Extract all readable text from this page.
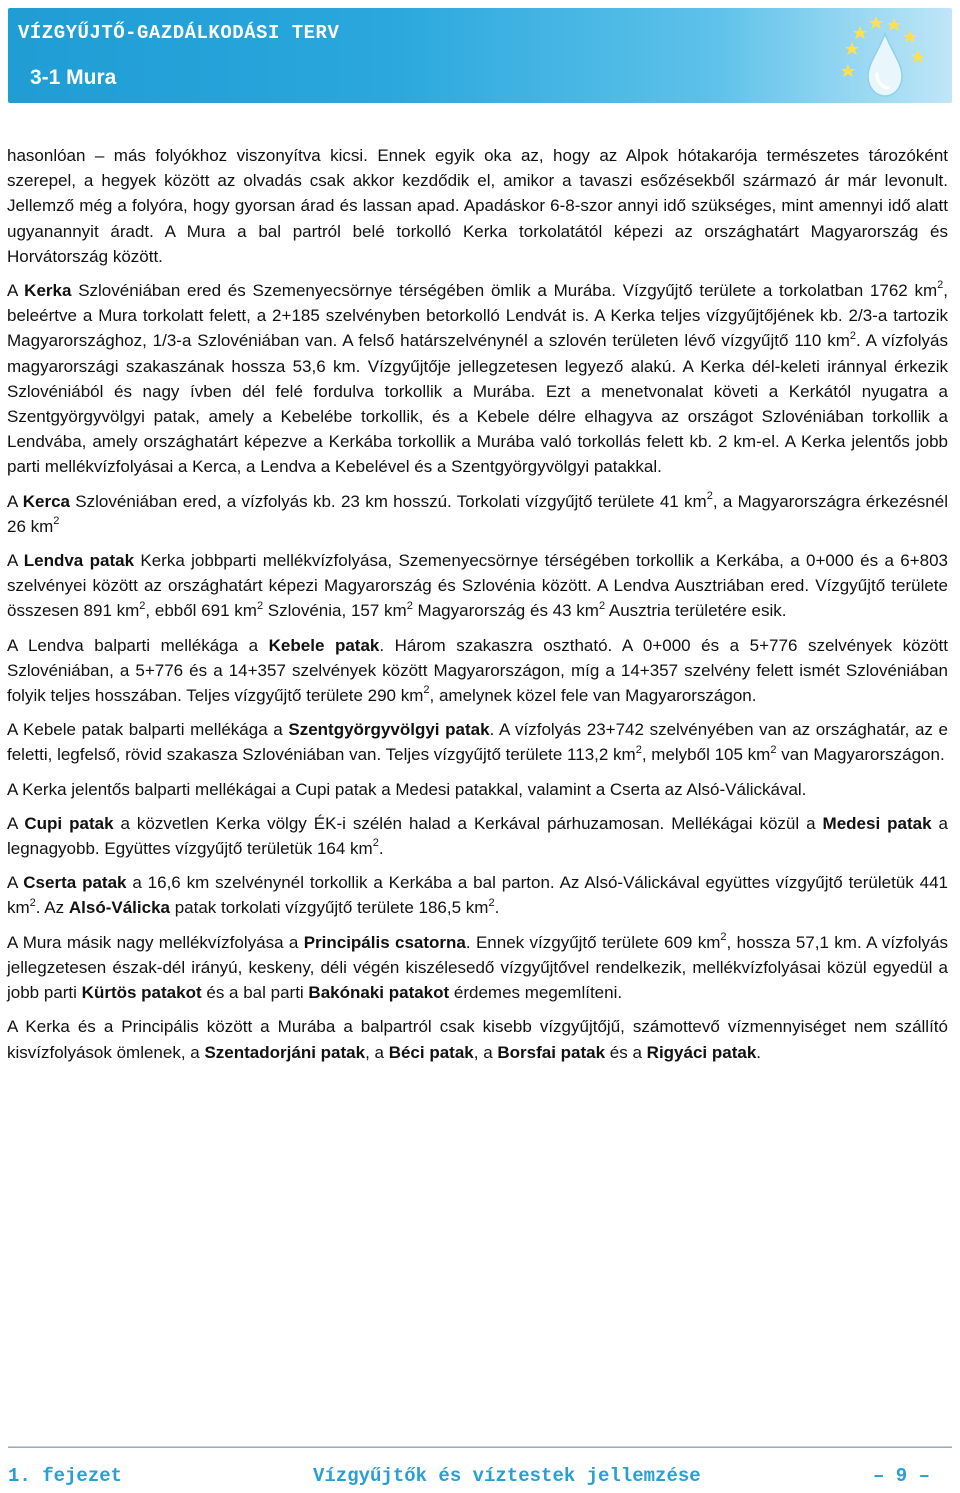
VÍZGYŰJTŐ-GAZDÁLKODÁSI TERV
3-1 Mura

hasonlóan – más folyókhoz viszonyítva kicsi. Ennek egyik oka az, hogy az Alpok hótakarója természetes tározóként szerepel, a hegyek között az olvadás csak akkor kezdődik el, amikor a tavaszi esőzésekből származó ár már levonult. Jellemző még a folyóra, hogy gyorsan árad és lassan apad. Apadáskor 6-8-szor annyi idő szükséges, mint amennyi idő alatt ugyanannyit áradt. A Mura a bal partról belé torkolló Kerka torkolatától képezi az országhatárt Magyarország és Horvátország között.

A Kerka Szlovéniában ered és Szemenyecsörnye térségében ömlik a Murába. Vízgyűjtő területe a torkolatban 1762 $km^2$, beleértve a Mura torkolatt felett, a 2+185 szelvényben betorkolló Lendvát is. A Kerka teljes vízgyűjtőjének kb. 2/3-a tartozik Magyarországhoz, 1/3-a Szlovéniában van. A felső határszelvénynél a szlovén területen lévő vízgyűjtő 110 $km^2$. A vízfolyás magyarországi szakaszának hossza 53,6 km. Vízgyűjtője jellegzetesen legyező alakú. A Kerka dél-keleti iránnyal érkezik Szlovéniából és nagy ívben dél felé fordulva torkollik a Murába. Ezt a menetvonalat követi a Kerkától nyugatra a Szentgyörgyvölgyi patak, amely a Kebelébe torkollik, és a Kebele délre elhagyva az országot Szlovéniában torkollik a Lendvába, amely országhatárt képezve a Kerkába torkollik a Murába való torkollás felett kb. 2 km-el. A Kerka jelentős jobb parti mellékvízfolyásai a Kerca, a Lendva a Kebelével és a Szentgyörgyvölgyi patakkal.

A Kerca Szlovéniában ered, a vízfolyás kb. 23 km hosszú. Torkolati vízgyűjtő területe 41 $km^2$, a Magyarországra érkezésnél 26 $km^2$

A Lendva patak Kerka jobbparti mellékvízfolyása, Szemenyecsörnye térségében torkollik a Kerkába, a 0+000 és a 6+803 szelvényei között az országhatárt képezi Magyarország és Szlovénia között. A Lendva Ausztriában ered. Vízgyűjtő területe összesen 891 $km^2$, ebből 691 $km^2$ Szlovénia, 157 $km^2$ Magyarország és 43 $km^2$ Ausztria területére esik.

A Lendva balparti mellékága a Kebele patak. Három szakaszra osztható. A 0+000 és a 5+776 szelvények között Szlovéniában, a 5+776 és a 14+357 szelvények között Magyarországon, míg a 14+357 szelvény felett ismét Szlovéniában folyik teljes hosszában. Teljes vízgyűjtő területe 290 $km^2$, amelynek közel fele van Magyarországon.

A Kebele patak balparti mellékága a Szentgyörgyvölgyi patak. A vízfolyás 23+742 szelvényében van az országhatár, az e feletti, legfelső, rövid szakasza Szlovéniában van. Teljes vízgyűjtő területe 113,2 $km^2$, melyből 105 $km^2$ van Magyarországon.

A Kerka jelentős balparti mellékágai a Cupi patak a Medesi patakkal, valamint a Cserta az Alsó-Válickával.

A Cupi patak a közvetlen Kerka völgy ÉK-i szélén halad a Kerkával párhuzamosan. Mellékágai közül a Medesi patak a legnagyobb. Együttes vízgyűjtő területük 164 $km^2$.

A Cserta patak a 16,6 km szelvénynél torkollik a Kerkába a bal parton. Az Alsó-Válickával együttes vízgyűjtő területük 441 $km^2$. Az Alsó-Válicka patak torkolati vízgyűjtő területe 186,5 $km^2$.

A Mura másik nagy mellékvízfolyása a Principális csatorna. Ennek vízgyűjtő területe 609 $km^2$, hossza 57,1 km. A vízfolyás jellegzetesen észak-dél irányú, keskeny, déli végén kiszélesedő vízgyűjtővel rendelkezik, mellékvízfolyásai közül egyedül a jobb parti Kürtös patakot és a bal parti Bakónaki patakot érdemes megemlíteni.

A Kerka és a Principális között a Murába a balpartról csak kisebb vízgyűjtőjű, számottevő vízmennyiséget nem szállító kisvízfolyások ömlenek, a Szentadorjáni patak, a Béci patak, a Borsfai patak és a Rigyáci patak.

1. fejezet	Vízgyűjtők és víztestek jellemzése	– 9 –
